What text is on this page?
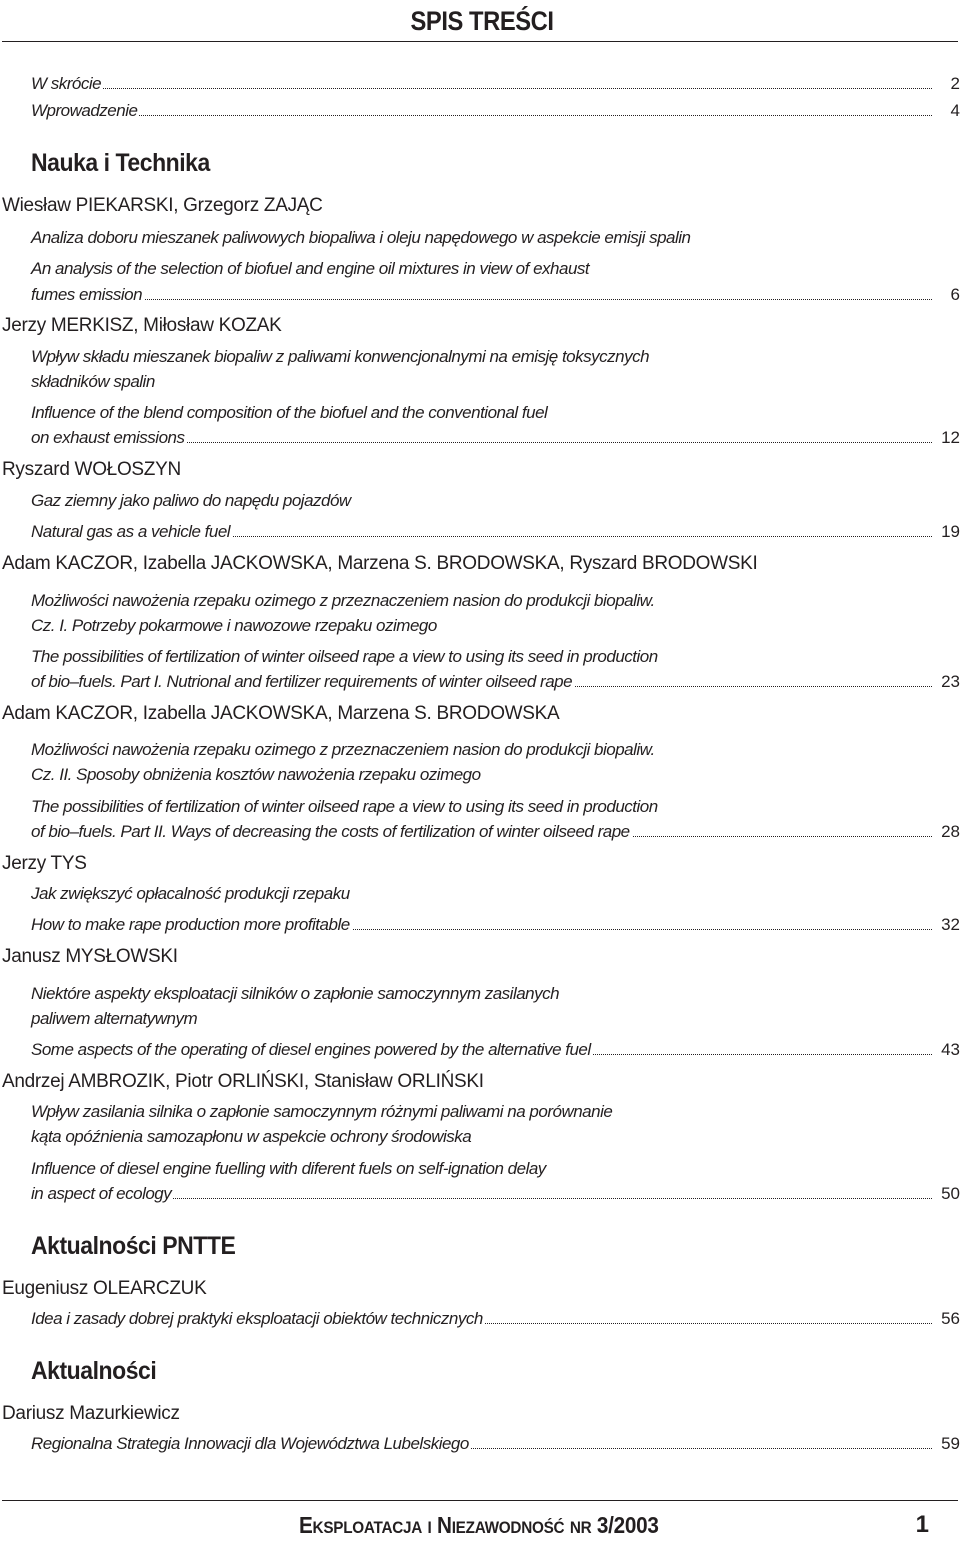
SPIS TREŚCI
W skrócie	2
Wprowadzenie	4
Nauka i Technika
Wiesław PIEKARSKI, Grzegorz ZAJĄC
Analiza doboru mieszanek paliwowych biopaliwa i oleju napędowego w aspekcie emisji spalin
An analysis of the selection of biofuel and engine oil mixtures in view of exhaust
fumes emission	6
Jerzy MERKISZ, Miłosław KOZAK
Wpływ składu mieszanek biopaliw z paliwami konwencjonalnymi na emisję toksycznych
składników spalin
Influence of the blend composition of the biofuel and the conventional fuel
on exhaust emissions	12
Ryszard WOŁOSZYN
Gaz ziemny jako paliwo do napędu pojazdów
Natural gas as a vehicle fuel	19
Adam KACZOR, Izabella JACKOWSKA, Marzena S. BRODOWSKA, Ryszard BRODOWSKI
Możliwości nawożenia rzepaku ozimego z przeznaczeniem nasion do produkcji biopaliw.
Cz. I. Potrzeby pokarmowe i nawozowe rzepaku ozimego
The possibilities of fertilization of winter oilseed rape a view to using its seed in production
of bio–fuels. Part I. Nutrional and fertilizer requirements of winter oilseed rape	23
Adam KACZOR, Izabella JACKOWSKA, Marzena S. BRODOWSKA
Możliwości nawożenia rzepaku ozimego z przeznaczeniem nasion do produkcji biopaliw.
Cz. II. Sposoby obniżenia kosztów nawożenia rzepaku ozimego
The possibilities of fertilization of winter oilseed rape a view to using its seed in production
of bio–fuels. Part II. Ways of decreasing the costs of fertilization of winter oilseed rape	28
Jerzy TYS
Jak zwiększyć opłacalność produkcji rzepaku
How to make rape production more profitable	32
Janusz MYSŁOWSKI
Niektóre aspekty eksploatacji silników o zapłonie samoczynnym zasilanych
paliwem alternatywnym
Some aspects of the operating of diesel engines powered by the alternative fuel	43
Andrzej AMBROZIK, Piotr ORLIŃSKI, Stanisław ORLIŃSKI
Wpływ zasilania silnika o zapłonie samoczynnym różnymi paliwami na porównanie
kąta opóźnienia samozapłonu w aspekcie ochrony środowiska
Influence of diesel engine fuelling with diferent fuels on self-ignation delay
in aspect of ecology	50
Aktualności PNTTE
Eugeniusz OLEARCZUK
Idea i zasady dobrej praktyki eksploatacji obiektów technicznych	56
Aktualności
Dariusz Mazurkiewicz
Regionalna Strategia Innowacji dla Województwa Lubelskiego	59
EKSPLOATACJA I NIEZAWODNOŚĆ NR 3/2003	1
